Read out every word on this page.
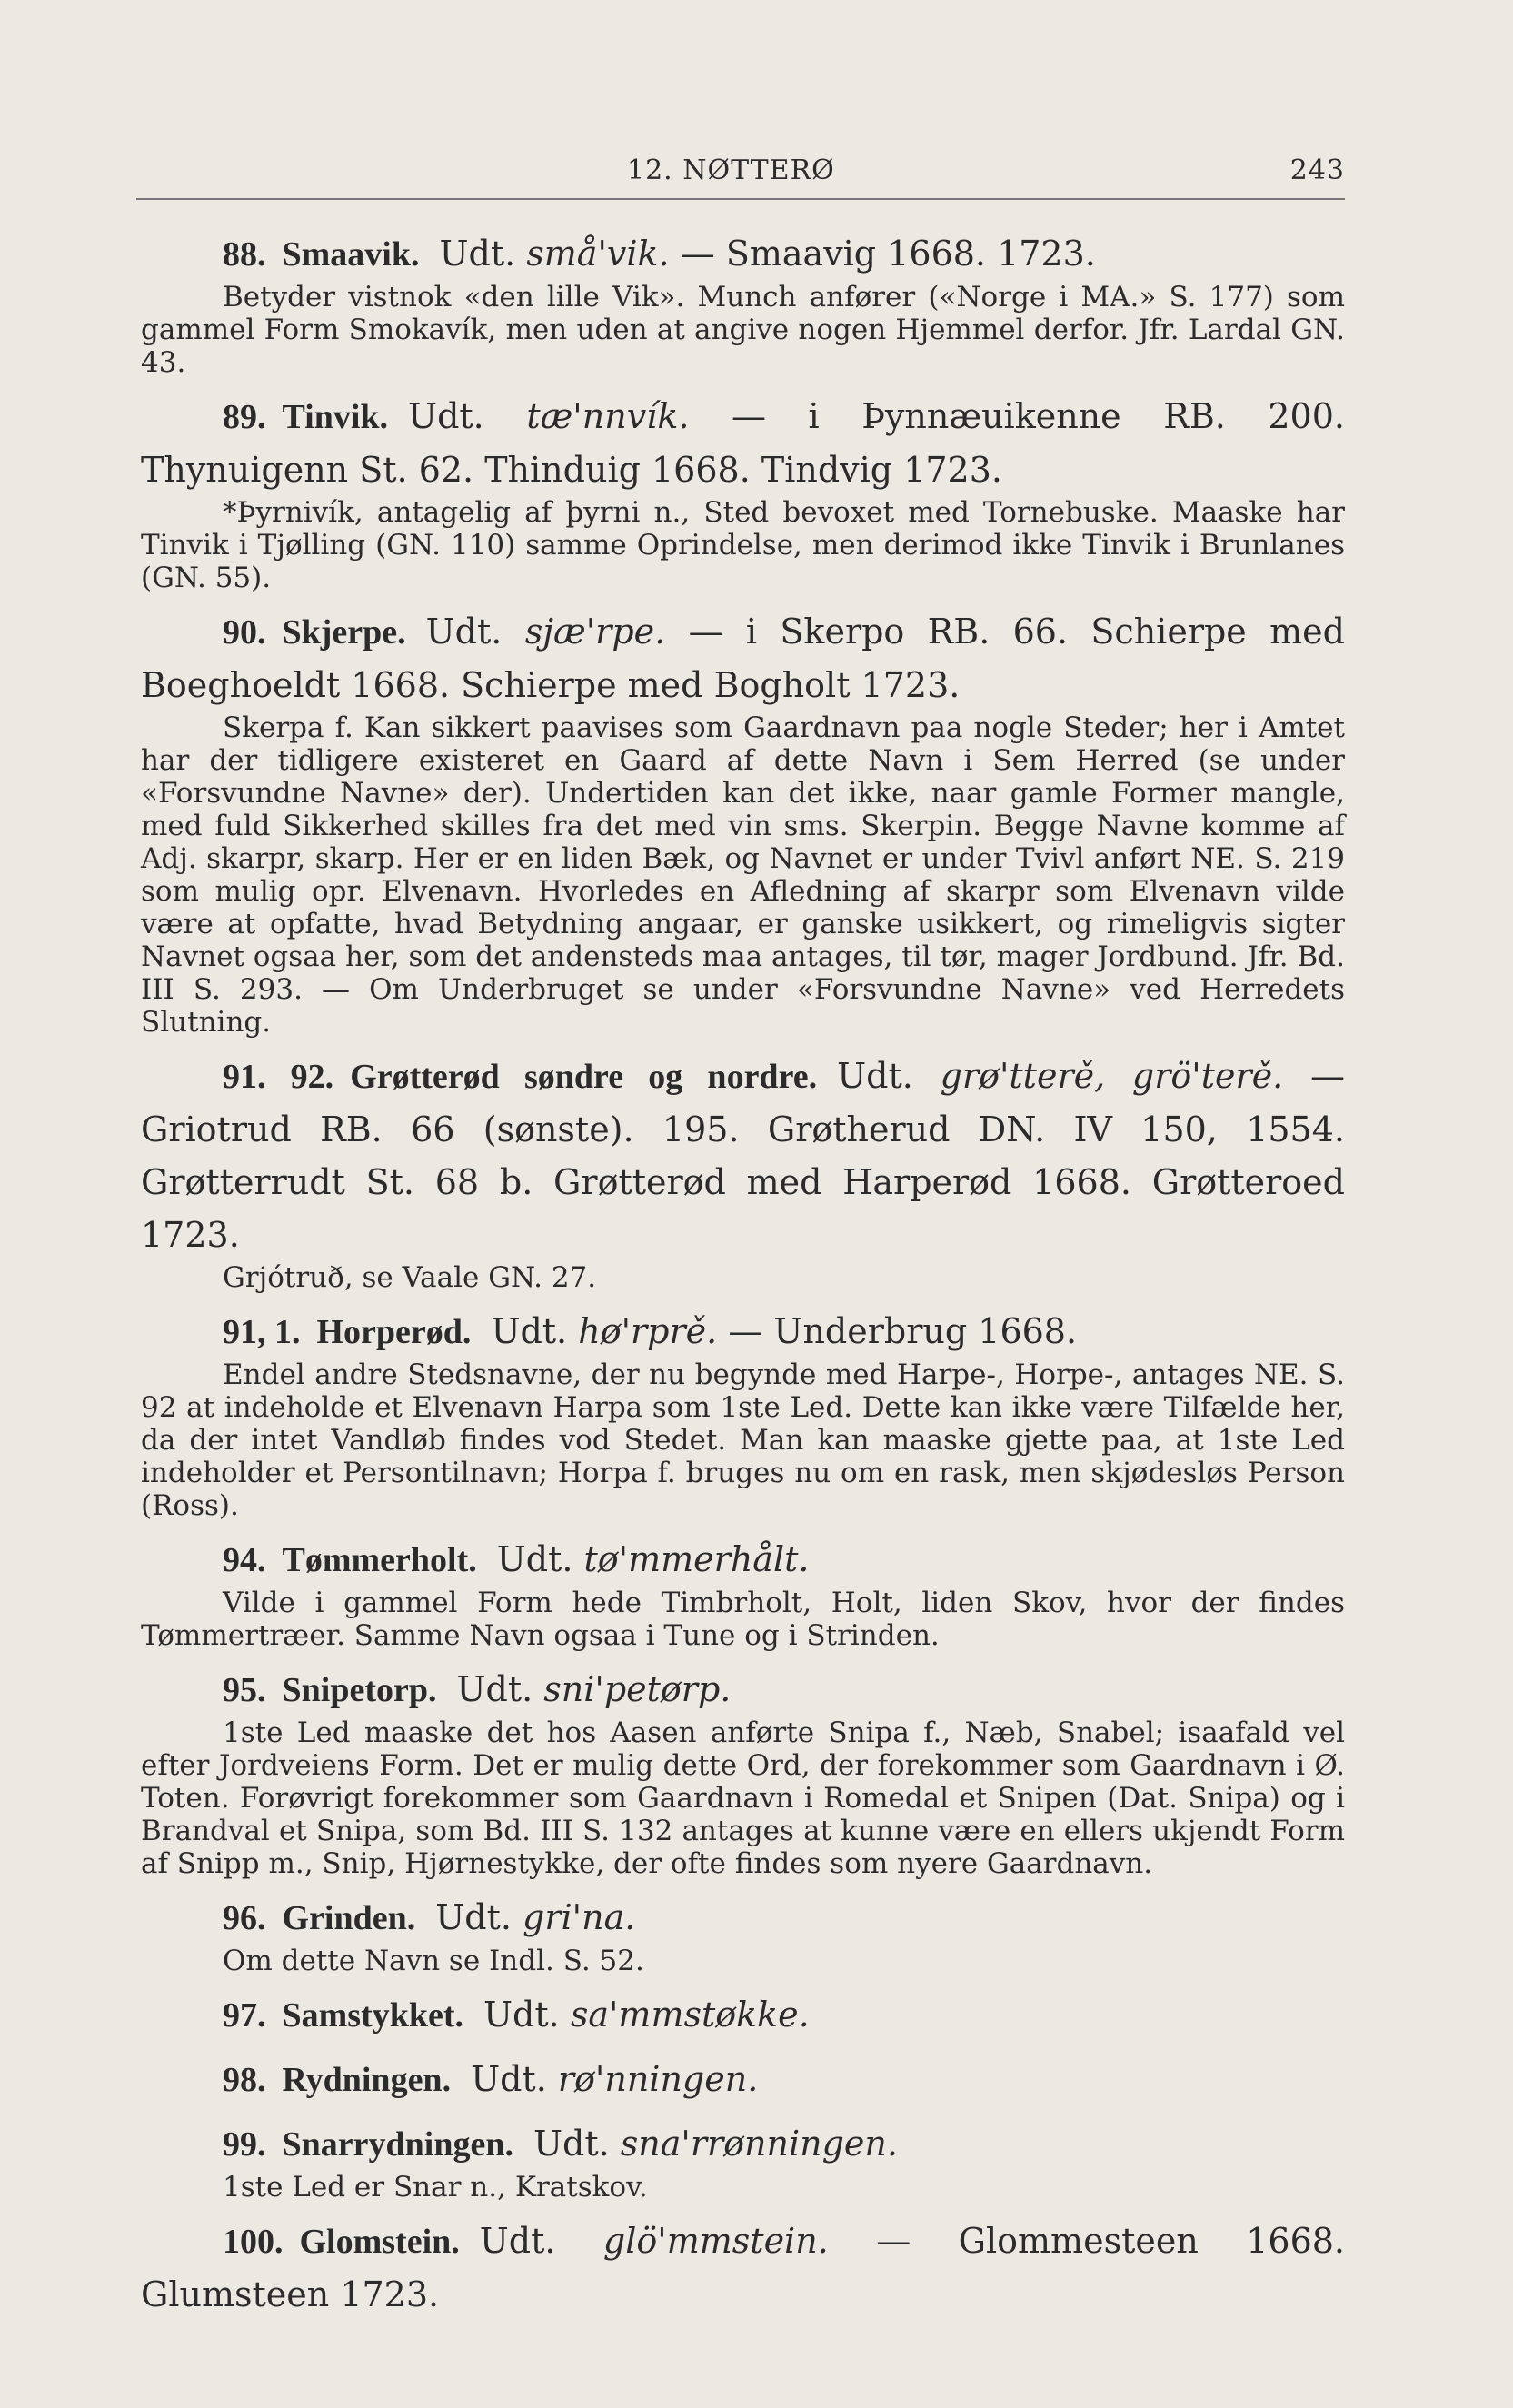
12. NØTTERØ	243

88. Smaavik. Udt. små'vik. — Smaavig 1668. 1723.

Betyder vistnok «den lille Vik». Munch anfører («Norge i MA.» S. 177) som gammel Form Smokavík, men uden at angive nogen Hjemmel derfor. Jfr. Lardal GN. 43.

89. Tinvik. Udt. tæ'nnvík. — i Þynnæuikenne RB. 200. Thynuigenn St. 62. Thinduig 1668. Tindvig 1723.

*Þyrnivík, antagelig af þyrni n., Sted bevoxet med Tornebuske. Maaske har Tinvik i Tjølling (GN. 110) samme Oprindelse, men derimod ikke Tinvik i Brunlanes (GN. 55).

90. Skjerpe. Udt. sjæ'rpe. — i Skerpo RB. 66. Schierpe med Boeghoeldt 1668. Schierpe med Bogholt 1723.

Skerpa f. Kan sikkert paavises som Gaardnavn paa nogle Steder; her i Amtet har der tidligere existeret en Gaard af dette Navn i Sem Herred (se under «Forsvundne Navne» der). Undertiden kan det ikke, naar gamle Former mangle, med fuld Sikkerhed skilles fra det med vin sms. Skerpin. Begge Navne komme af Adj. skarpr, skarp. Her er en liden Bæk, og Navnet er under Tvivl anført NE. S. 219 som mulig opr. Elvenavn. Hvorledes en Afledning af skarpr som Elvenavn vilde være at opfatte, hvad Betydning angaar, er ganske usikkert, og rimeligvis sigter Navnet ogsaa her, som det andensteds maa antages, til tør, mager Jordbund. Jfr. Bd. III S. 293. — Om Underbruget se under «Forsvundne Navne» ved Herredets Slutning.

91. 92. Grøtterød søndre og nordre. Udt. grø'tterě, grö'terě. — Griotrud RB. 66 (sønste). 195. Grøtherud DN. IV 150, 1554. Grøtterrudt St. 68 b. Grøtterød med Harperød 1668. Grøtteroed 1723.

Grjótruð, se Vaale GN. 27.

91, 1. Horperød. Udt. hø'rprě. — Underbrug 1668.

Endel andre Stedsnavne, der nu begynde med Harpe-, Horpe-, antages NE. S. 92 at indeholde et Elvenavn Harpa som 1ste Led. Dette kan ikke være Tilfælde her, da der intet Vandløb findes vod Stedet. Man kan maaske gjette paa, at 1ste Led indeholder et Persontilnavn; Horpa f. bruges nu om en rask, men skjødesløs Person (Ross).

94. Tømmerholt. Udt. tø'mmerhålt.

Vilde i gammel Form hede Timbrholt, Holt, liden Skov, hvor der findes Tømmertræer. Samme Navn ogsaa i Tune og i Strinden.

95. Snipetorp. Udt. sni'petørp.

1ste Led maaske det hos Aasen anførte Snipa f., Næb, Snabel; isaafald vel efter Jordveiens Form. Det er mulig dette Ord, der forekommer som Gaardnavn i Ø. Toten. Forøvrigt forekommer som Gaardnavn i Romedal et Snipen (Dat. Snipa) og i Brandval et Snipa, som Bd. III S. 132 antages at kunne være en ellers ukjendt Form af Snipp m., Snip, Hjørnestykke, der ofte findes som nyere Gaardnavn.

96. Grinden. Udt. gri'na.

Om dette Navn se Indl. S. 52.

97. Samstykket. Udt. sa'mmstøkke.

98. Rydningen. Udt. rø'nningen.

99. Snarrydningen. Udt. sna'rrønningen.

1ste Led er Snar n., Kratskov.

100. Glomstein. Udt. glö'mmstein. — Glommesteen 1668. Glumsteen 1723.
